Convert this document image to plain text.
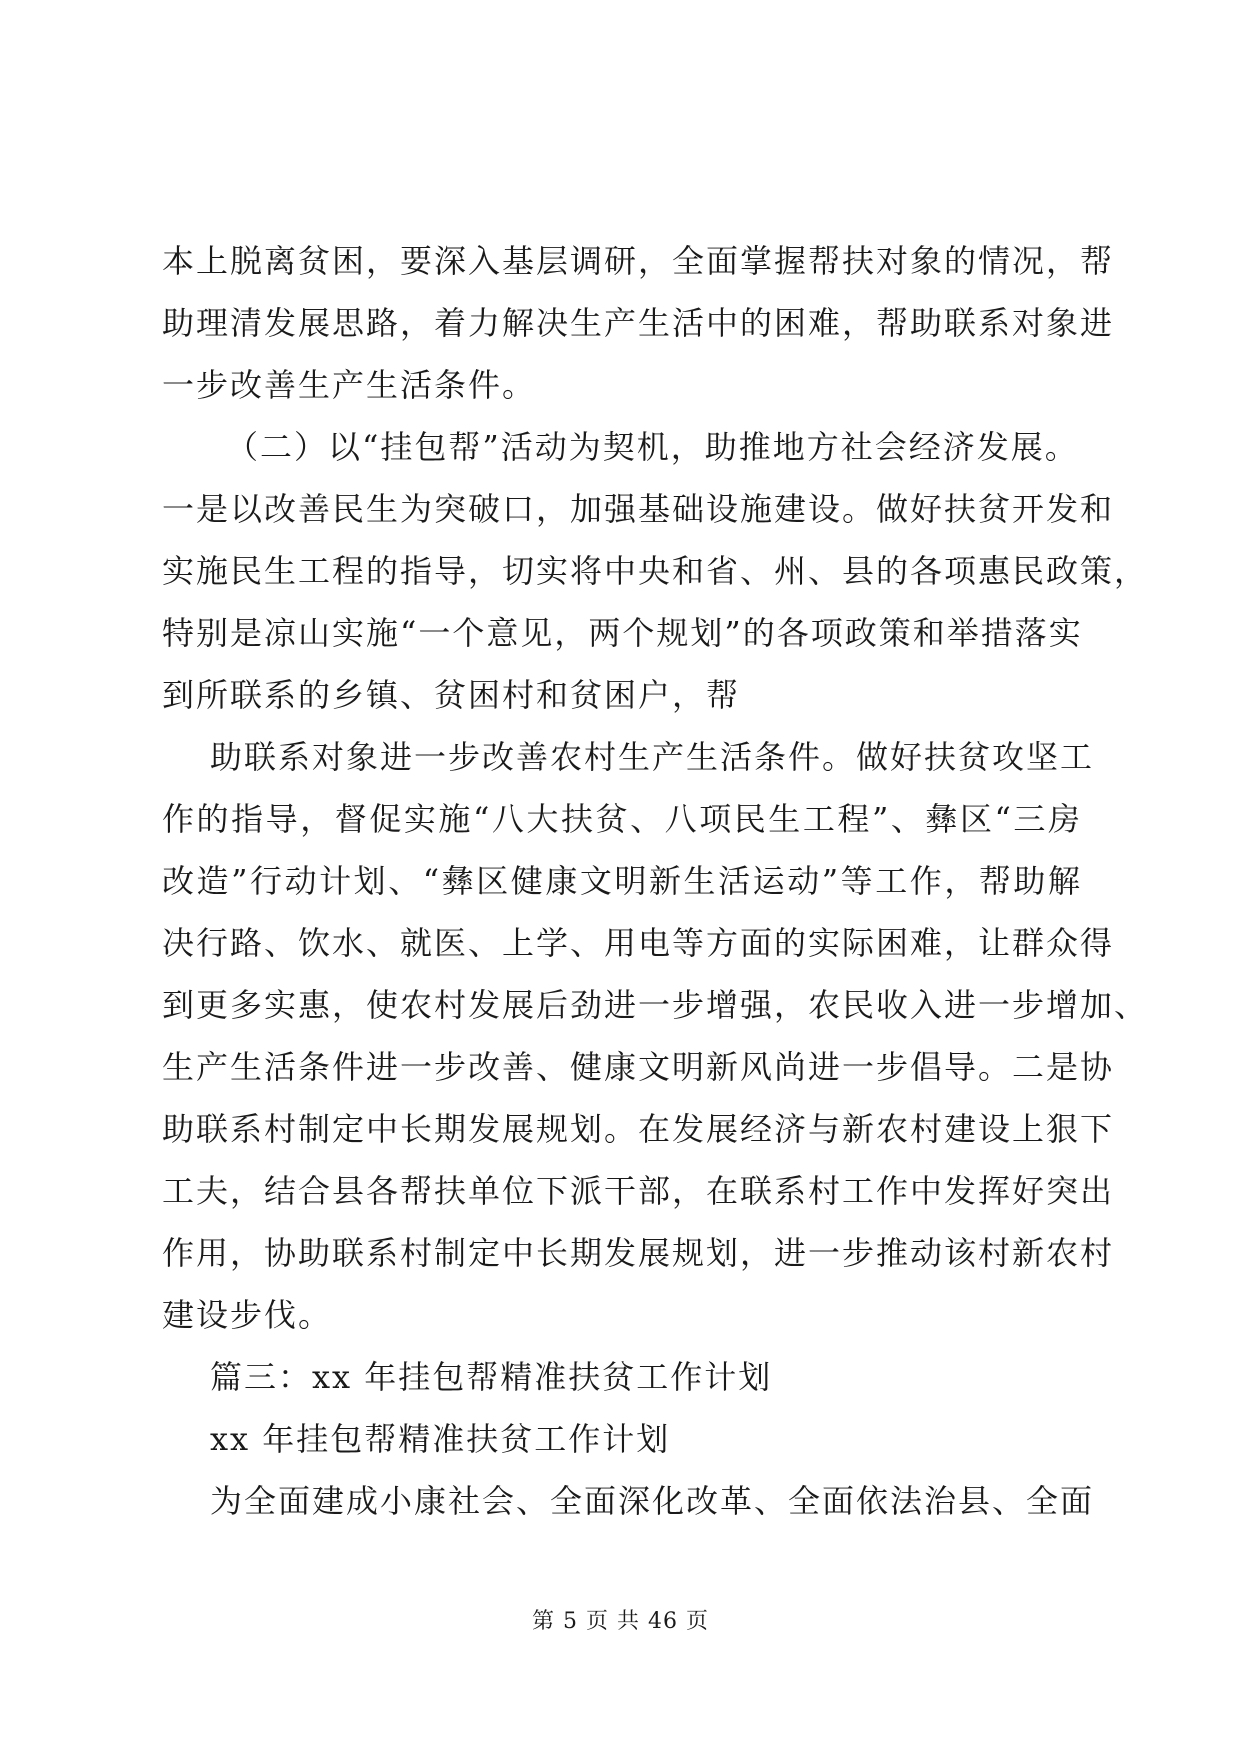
本上脱离贫困，要深入基层调研，全面掌握帮扶对象的情况，帮
助理清发展思路，着力解决生产生活中的困难，帮助联系对象进
一步改善生产生活条件。
（二）以“挂包帮”活动为契机，助推地方社会经济发展。
一是以改善民生为突破口，加强基础设施建设。做好扶贫开发和
实施民生工程的指导，切实将中央和省、州、县的各项惠民政策，
特别是凉山实施“一个意见，两个规划”的各项政策和举措落实
到所联系的乡镇、贫困村和贫困户，帮
助联系对象进一步改善农村生产生活条件。做好扶贫攻坚工
作的指导，督促实施“八大扶贫、八项民生工程”、彝区“三房
改造”行动计划、“彝区健康文明新生活运动”等工作，帮助解
决行路、饮水、就医、上学、用电等方面的实际困难，让群众得
到更多实惠，使农村发展后劲进一步增强，农民收入进一步增加、
生产生活条件进一步改善、健康文明新风尚进一步倡导。二是协
助联系村制定中长期发展规划。在发展经济与新农村建设上狠下
工夫，结合县各帮扶单位下派干部，在联系村工作中发挥好突出
作用，协助联系村制定中长期发展规划，进一步推动该村新农村
建设步伐。
篇三：xx 年挂包帮精准扶贫工作计划
xx 年挂包帮精准扶贫工作计划
为全面建成小康社会、全面深化改革、全面依法治县、全面
第 5 页 共 46 页
